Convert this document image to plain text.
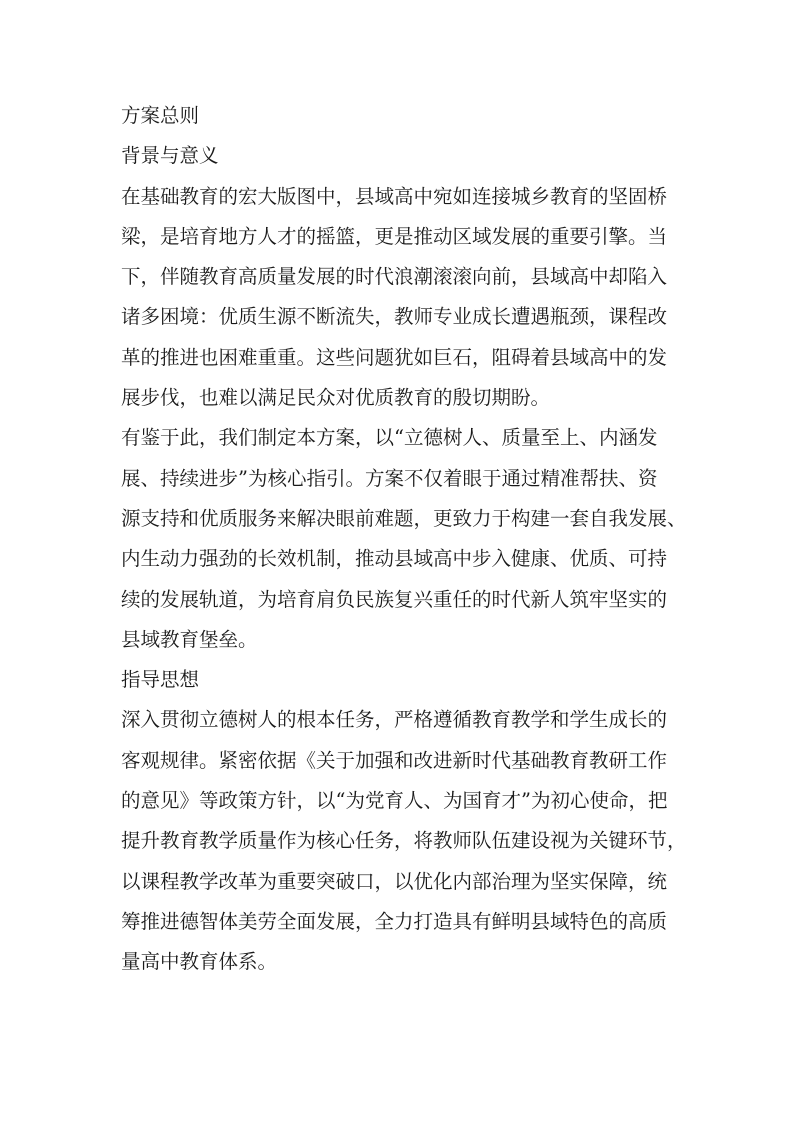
方案总则
背景与意义
在基础教育的宏大版图中，县域高中宛如连接城乡教育的坚固桥
梁，是培育地方人才的摇篮，更是推动区域发展的重要引擎。当
下，伴随教育高质量发展的时代浪潮滚滚向前，县域高中却陷入
诸多困境：优质生源不断流失，教师专业成长遭遇瓶颈，课程改
革的推进也困难重重。这些问题犹如巨石，阻碍着县域高中的发
展步伐，也难以满足民众对优质教育的殷切期盼。
有鉴于此，我们制定本方案，以“立德树人、质量至上、内涵发
展、持续进步”为核心指引。方案不仅着眼于通过精准帮扶、资
源支持和优质服务来解决眼前难题，更致力于构建一套自我发展、
内生动力强劲的长效机制，推动县域高中步入健康、优质、可持
续的发展轨道，为培育肩负民族复兴重任的时代新人筑牢坚实的
县域教育堡垒。
指导思想
深入贯彻立德树人的根本任务，严格遵循教育教学和学生成长的
客观规律。紧密依据《关于加强和改进新时代基础教育教研工作
的意见》等政策方针，以“为党育人、为国育才”为初心使命，把
提升教育教学质量作为核心任务，将教师队伍建设视为关键环节，
以课程教学改革为重要突破口，以优化内部治理为坚实保障，统
筹推进德智体美劳全面发展，全力打造具有鲜明县域特色的高质
量高中教育体系。
